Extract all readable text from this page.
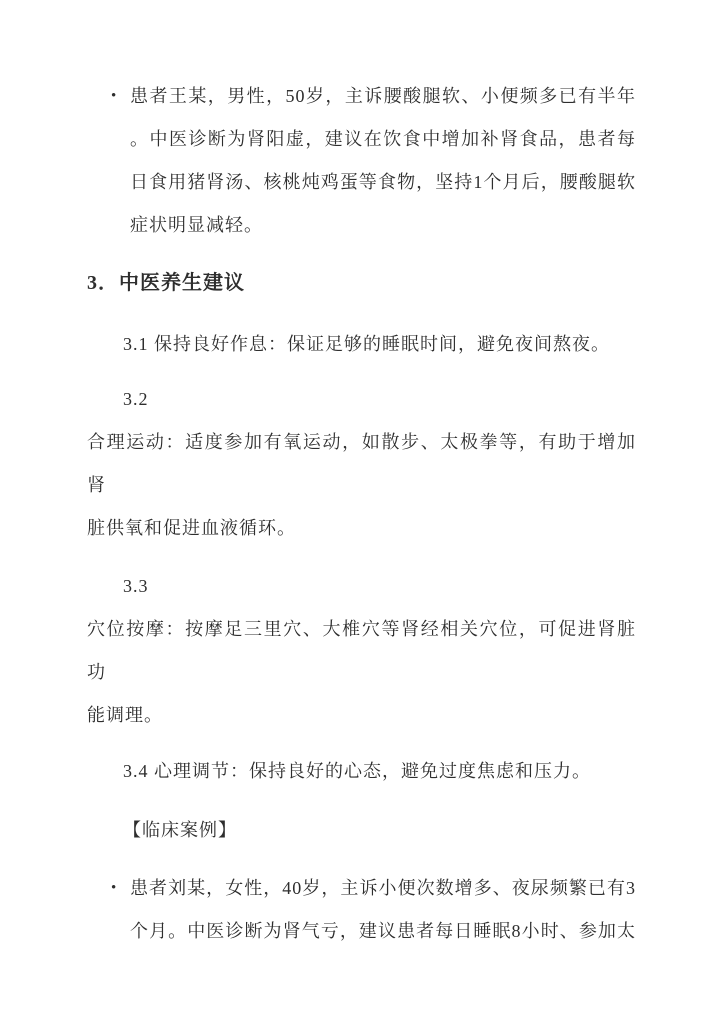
• 患者王某，男性，50岁，主诉腰酸腿软、小便频多已有半年
。中医诊断为肾阳虚，建议在饮食中增加补肾食品，患者每
日食用猪肾汤、核桃炖鸡蛋等食物，坚持1个月后，腰酸腿软
症状明显减轻。
3．中医养生建议
3.1 保持良好作息：保证足够的睡眠时间，避免夜间熬夜。
3.2
合理运动：适度参加有氧运动，如散步、太极拳等，有助于增加肾
脏供氧和促进血液循环。
3.3
穴位按摩：按摩足三里穴、大椎穴等肾经相关穴位，可促进肾脏功
能调理。
3.4 心理调节：保持良好的心态，避免过度焦虑和压力。
【临床案例】
• 患者刘某，女性，40岁，主诉小便次数增多、夜尿频繁已有3
个月。中医诊断为肾气亏，建议患者每日睡眠8小时、参加太
